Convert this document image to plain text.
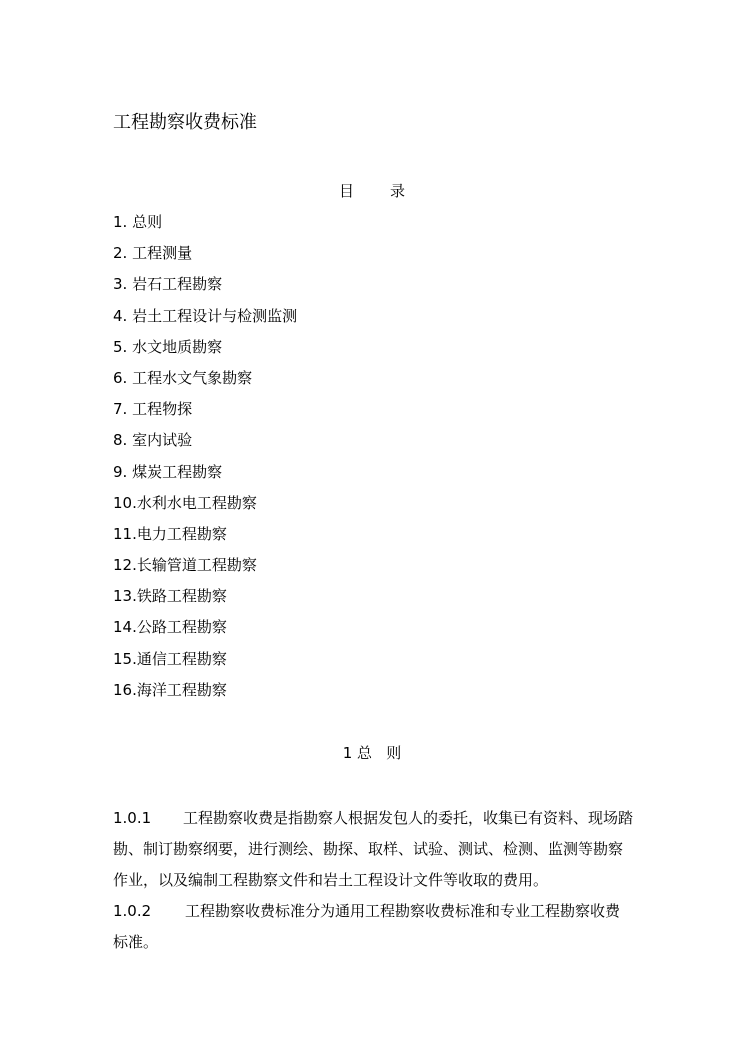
工程勘察收费标准
目 录
1. 总则
2. 工程测量
3. 岩石工程勘察
4. 岩土工程设计与检测监测
5. 水文地质勘察
6. 工程水文气象勘察
7. 工程物探
8. 室内试验
9. 煤炭工程勘察
10.水利水电工程勘察
11.电力工程勘察
12.长输管道工程勘察
13.铁路工程勘察
14.公路工程勘察
15.通信工程勘察
16.海洋工程勘察
1 总   则

1.0.1 工程勘察收费是指勘察人根据发包人的委托，收集已有资料、现场踏勘、制订勘察纲要，进行测绘、勘探、取样、试验、测试、检测、监测等勘察作业，以及编制工程勘察文件和岩土工程设计文件等收取的费用。

1.0.2 工程勘察收费标准分为通用工程勘察收费标准和专业工程勘察收费标准。
